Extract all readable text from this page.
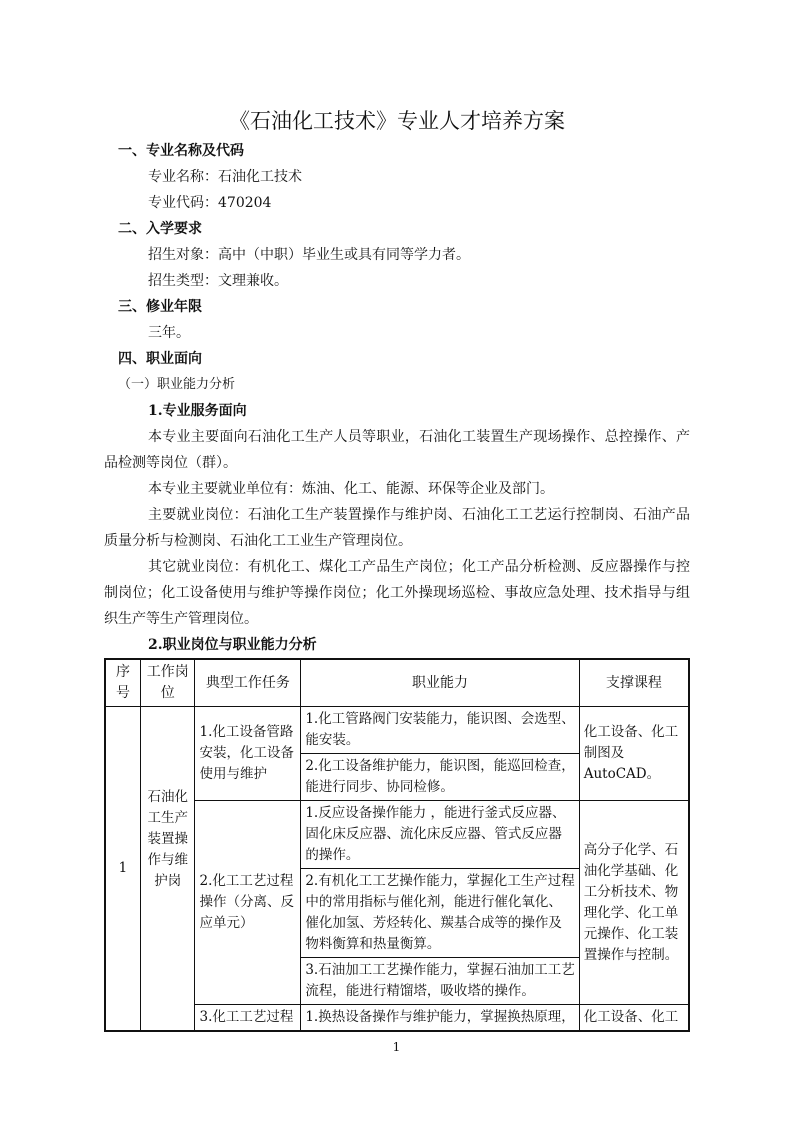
《石油化工技术》专业人才培养方案
一、专业名称及代码
专业名称：石油化工技术
专业代码：470204
二、入学要求
招生对象：高中（中职）毕业生或具有同等学力者。
招生类型：文理兼收。
三、修业年限
三年。
四、职业面向
（一）职业能力分析
1.专业服务面向
本专业主要面向石油化工生产人员等职业，石油化工装置生产现场操作、总控操作、产品检测等岗位（群）。
本专业主要就业单位有：炼油、化工、能源、环保等企业及部门。
主要就业岗位：石油化工生产装置操作与维护岗、石油化工工艺运行控制岗、石油产品质量分析与检测岗、石油化工工业生产管理岗位。
其它就业岗位：有机化工、煤化工产品生产岗位；化工产品分析检测、反应器操作与控制岗位；化工设备使用与维护等操作岗位；化工外操现场巡检、事故应急处理、技术指导与组织生产等生产管理岗位。
2.职业岗位与职业能力分析
序号	工作岗位	典型工作任务	职业能力	支撑课程
1	石油化工生产装置操作与维护岗	1.化工设备管路安装，化工设备使用与维护	1.化工管路阀门安装能力，能识图、会选型、能安装。	化工设备、化工制图及AutoCAD。
			2.化工设备维护能力，能识图，能巡回检查，能进行同步、协同检修。	
		2.化工工艺过程操作（分离、反应单元）	1.反应设备操作能力 ，能进行釜式反应器、固化床反应器、流化床反应器、管式反应器的操作。	高分子化学、石油化学基础、化工分析技术、物理化学、化工单元操作、化工装置操作与控制。
			2.有机化工工艺操作能力，掌握化工生产过程中的常用指标与催化剂，能进行催化氧化、催化加氢、芳烃转化、羰基合成等的操作及物料衡算和热量衡算。	
			3.石油加工工艺操作能力，掌握石油加工工艺流程，能进行精馏塔，吸收塔的操作。	
		3.化工工艺过程	1.换热设备操作与维护能力，掌握换热原理，	化工设备、化工
1
